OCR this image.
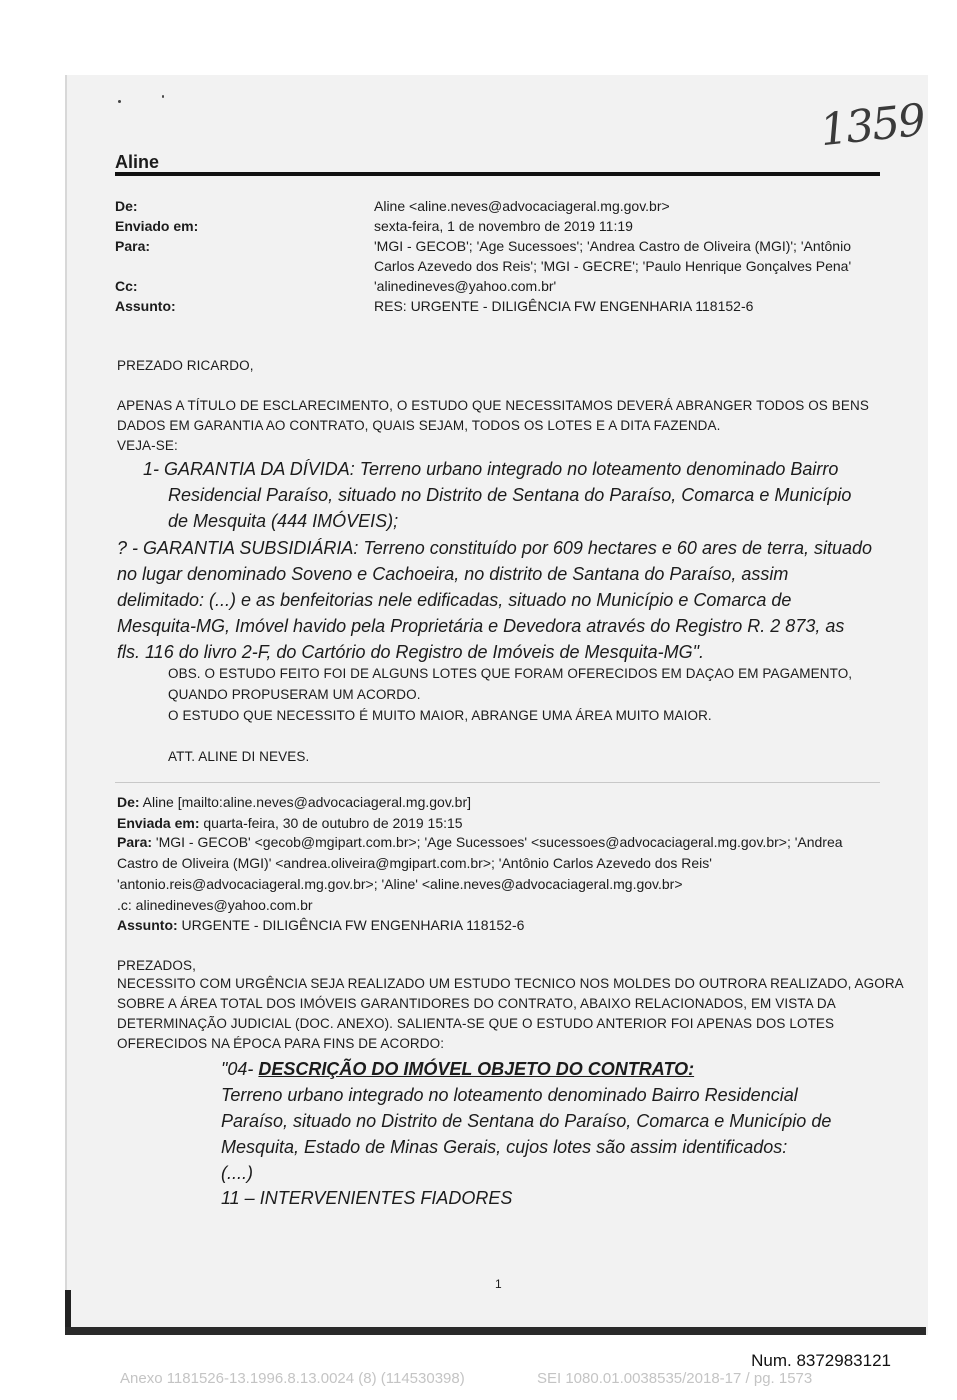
1359
Aline
De:	Aline <aline.neves@advocaciageral.mg.gov.br>
Enviado em:	sexta-feira, 1 de novembro de 2019 11:19
Para:	'MGI - GECOB'; 'Age Sucessoes'; 'Andrea Castro de Oliveira (MGI)'; 'Antônio
Carlos Azevedo dos Reis'; 'MGI - GECRE'; 'Paulo Henrique Gonçalves Pena'
Cc:	'alinedineves@yahoo.com.br'
Assunto:	RES: URGENTE - DILIGÊNCIA FW ENGENHARIA 118152-6
PREZADO RICARDO,
APENAS A TÍTULO DE ESCLARECIMENTO, O ESTUDO QUE NECESSITAMOS DEVERÁ ABRANGER TODOS OS BENS
DADOS EM GARANTIA AO CONTRATO, QUAIS SEJAM, TODOS OS LOTES E A DITA FAZENDA.
VEJA-SE:
1- GARANTIA DA DÍVIDA: Terreno urbano integrado no loteamento denominado Bairro
Residencial Paraíso, situado no Distrito de Sentana do Paraíso, Comarca e Município
de Mesquita (444 IMÓVEIS);
? - GARANTIA SUBSIDIÁRIA: Terreno constituído por 609 hectares e 60 ares de terra, situado
no lugar denominado Soveno e Cachoeira, no distrito de Santana do Paraíso, assim
delimitado: (...) e as benfeitorias nele edificadas, situado no Município e Comarca de
Mesquita-MG, Imóvel havido pela Proprietária e Devedora através do Registro R. 2 873, as
fls. 116 do livro 2-F, do Cartório do Registro de Imóveis de Mesquita-MG".
OBS. O ESTUDO FEITO FOI DE ALGUNS LOTES QUE FORAM OFERECIDOS EM DAÇAO EM PAGAMENTO,
QUANDO PROPUSERAM UM ACORDO.
O ESTUDO QUE NECESSITO É MUITO MAIOR, ABRANGE UMA ÁREA MUITO MAIOR.
ATT. ALINE DI NEVES.
De: Aline [mailto:aline.neves@advocaciageral.mg.gov.br]
Enviada em: quarta-feira, 30 de outubro de 2019 15:15
Para: 'MGI - GECOB' <gecob@mgipart.com.br>; 'Age Sucessoes' <sucessoes@advocaciageral.mg.gov.br>; 'Andrea
Castro de Oliveira (MGI)' <andrea.oliveira@mgipart.com.br>; 'Antônio Carlos Azevedo dos Reis'
'antonio.reis@advocaciageral.mg.gov.br>; 'Aline' <aline.neves@advocaciageral.mg.gov.br>
.c: alinedineves@yahoo.com.br
Assunto: URGENTE - DILIGÊNCIA FW ENGENHARIA 118152-6
PREZADOS,
NECESSITO COM URGÊNCIA SEJA REALIZADO UM ESTUDO TECNICO NOS MOLDES DO OUTRORA REALIZADO, AGORA
SOBRE A ÁREA TOTAL DOS IMÓVEIS GARANTIDORES DO CONTRATO, ABAIXO RELACIONADOS, EM VISTA DA
DETERMINAÇÃO JUDICIAL (DOC. ANEXO). SALIENTA-SE QUE O ESTUDO ANTERIOR FOI APENAS DOS LOTES
OFERECIDOS NA ÉPOCA PARA FINS DE ACORDO:
"04- DESCRIÇÃO DO IMÓVEL OBJETO DO CONTRATO:
Terreno urbano integrado no loteamento denominado Bairro Residencial
Paraíso, situado no Distrito de Sentana do Paraíso, Comarca e Município de
Mesquita, Estado de Minas Gerais, cujos lotes são assim identificados:
(....)
11 – INTERVENIENTES FIADORES
1
Num. 8372983121
Anexo 1181526-13.1996.8.13.0024 (8) (114530398)	SEI 1080.01.0038535/2018-17 / pg. 1573
